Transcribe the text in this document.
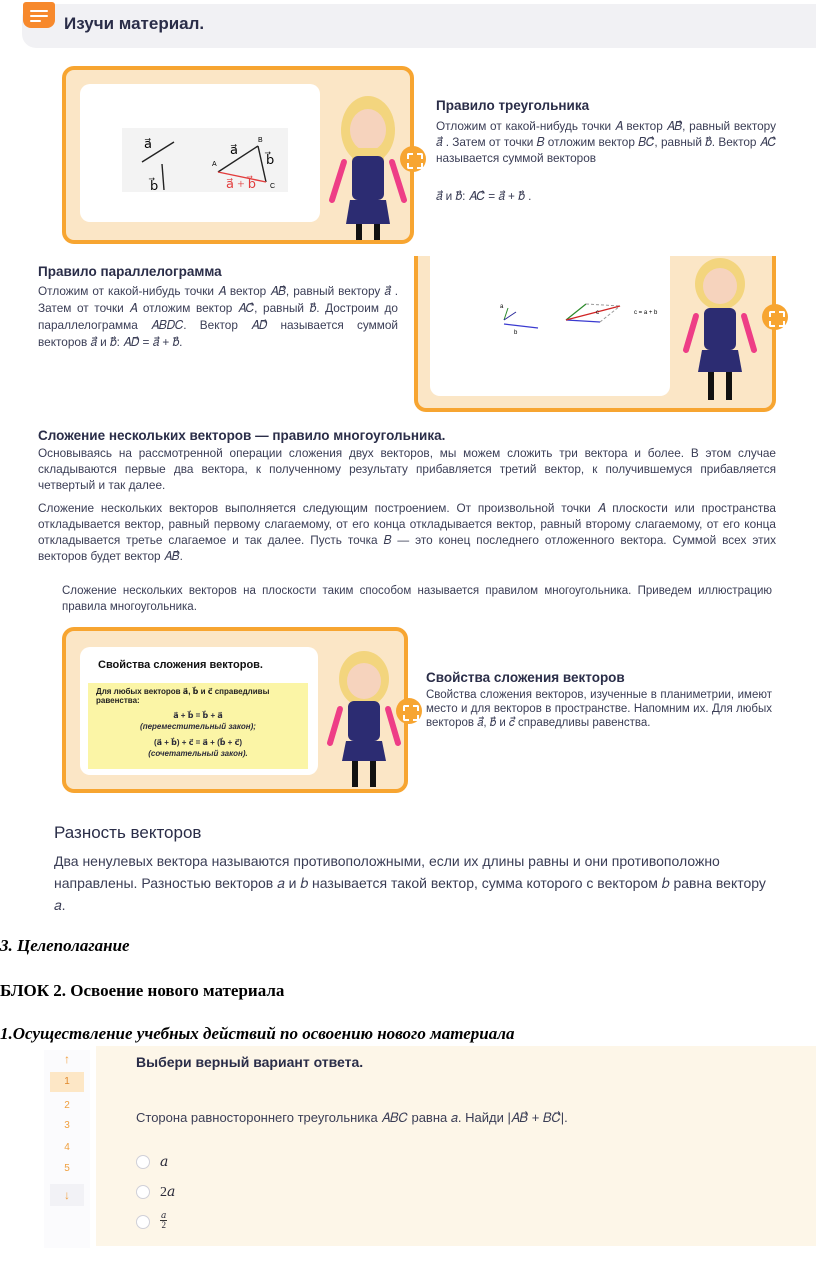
Изучи материал.
a⃗
b⃗
a⃗
b⃗
a⃗ + b⃗
A
B
C
Правило треугольника
Отложим от какой-нибудь точки 𝐴 вектор 𝐴𝐵⃗, равный вектору 𝑎⃗ . Затем от точки 𝐵 отложим вектор 𝐵𝐶⃗, равный 𝑏⃗. Вектор 𝐴𝐶⃗ называется суммой векторов
𝑎⃗ и 𝑏⃗: 𝐴𝐶⃗ = 𝑎⃗ + 𝑏⃗ .
Правило параллелограмма
Отложим от какой-нибудь точки 𝐴 вектор 𝐴𝐵⃗, равный вектору 𝑎⃗ . Затем от точки 𝐴 отложим вектор 𝐴𝐶⃗, равный 𝑏⃗. Достроим до параллелограмма 𝐴𝐵𝐷𝐶. Вектор 𝐴𝐷⃗ называется суммой векторов 𝑎⃗ и 𝑏⃗: 𝐴𝐷⃗ = 𝑎⃗ + 𝑏⃗.
a
b
c	c = a + b
Сложение нескольких векторов — правило многоугольника.
Основываясь на рассмотренной операции сложения двух векторов, мы можем сложить три вектора и более. В этом случае складываются первые два вектора, к полученному результату прибавляется третий вектор, к получившемуся прибавляется четвертый и так далее.
Сложение нескольких векторов выполняется следующим построением. От произвольной точки 𝐴 плоскости или пространства откладывается вектор, равный первому слагаемому, от его конца откладывается вектор, равный второму слагаемому, от его конца откладывается третье слагаемое и так далее. Пусть точка 𝐵 — это конец последнего отложенного вектора. Суммой всех этих векторов будет вектор 𝐴𝐵⃗.
Сложение нескольких векторов на плоскости таким способом называется правилом многоугольника. Приведем иллюстрацию правила многоугольника.
Свойства сложения векторов.
Для любых векторов a⃗, b⃗ и c⃗ справедливы равенства:
a⃗ + b⃗ = b⃗ + a⃗
(переместительный закон);
(a⃗ + b⃗) + c⃗ = a⃗ + (b⃗ + c⃗)
(сочетательный закон).
Свойства сложения векторов
Свойства сложения векторов, изученные в планиметрии, имеют место и для векторов в пространстве. Напомним их. Для любых векторов 𝑎⃗, 𝑏⃗ и 𝑐⃗ справедливы равенства.
Разность векторов
Два ненулевых вектора называются противоположными, если их длины равны и они противоположно направлены. Разностью векторов 𝑎 и 𝑏 называется такой вектор, сумма которого с вектором 𝑏 равна вектору 𝑎.
3. Целеполагание
БЛОК 2. Освоение нового материала
1.Осуществление учебных действий по освоению нового материала
↑
1
2
3
4
5
↓
Выбери верный вариант ответа.
Сторона равностороннего треугольника 𝐴𝐵𝐶 равна 𝑎. Найди |𝐴𝐵⃗ + 𝐵𝐶⃗|.
𝑎
2𝑎
𝑎
2
